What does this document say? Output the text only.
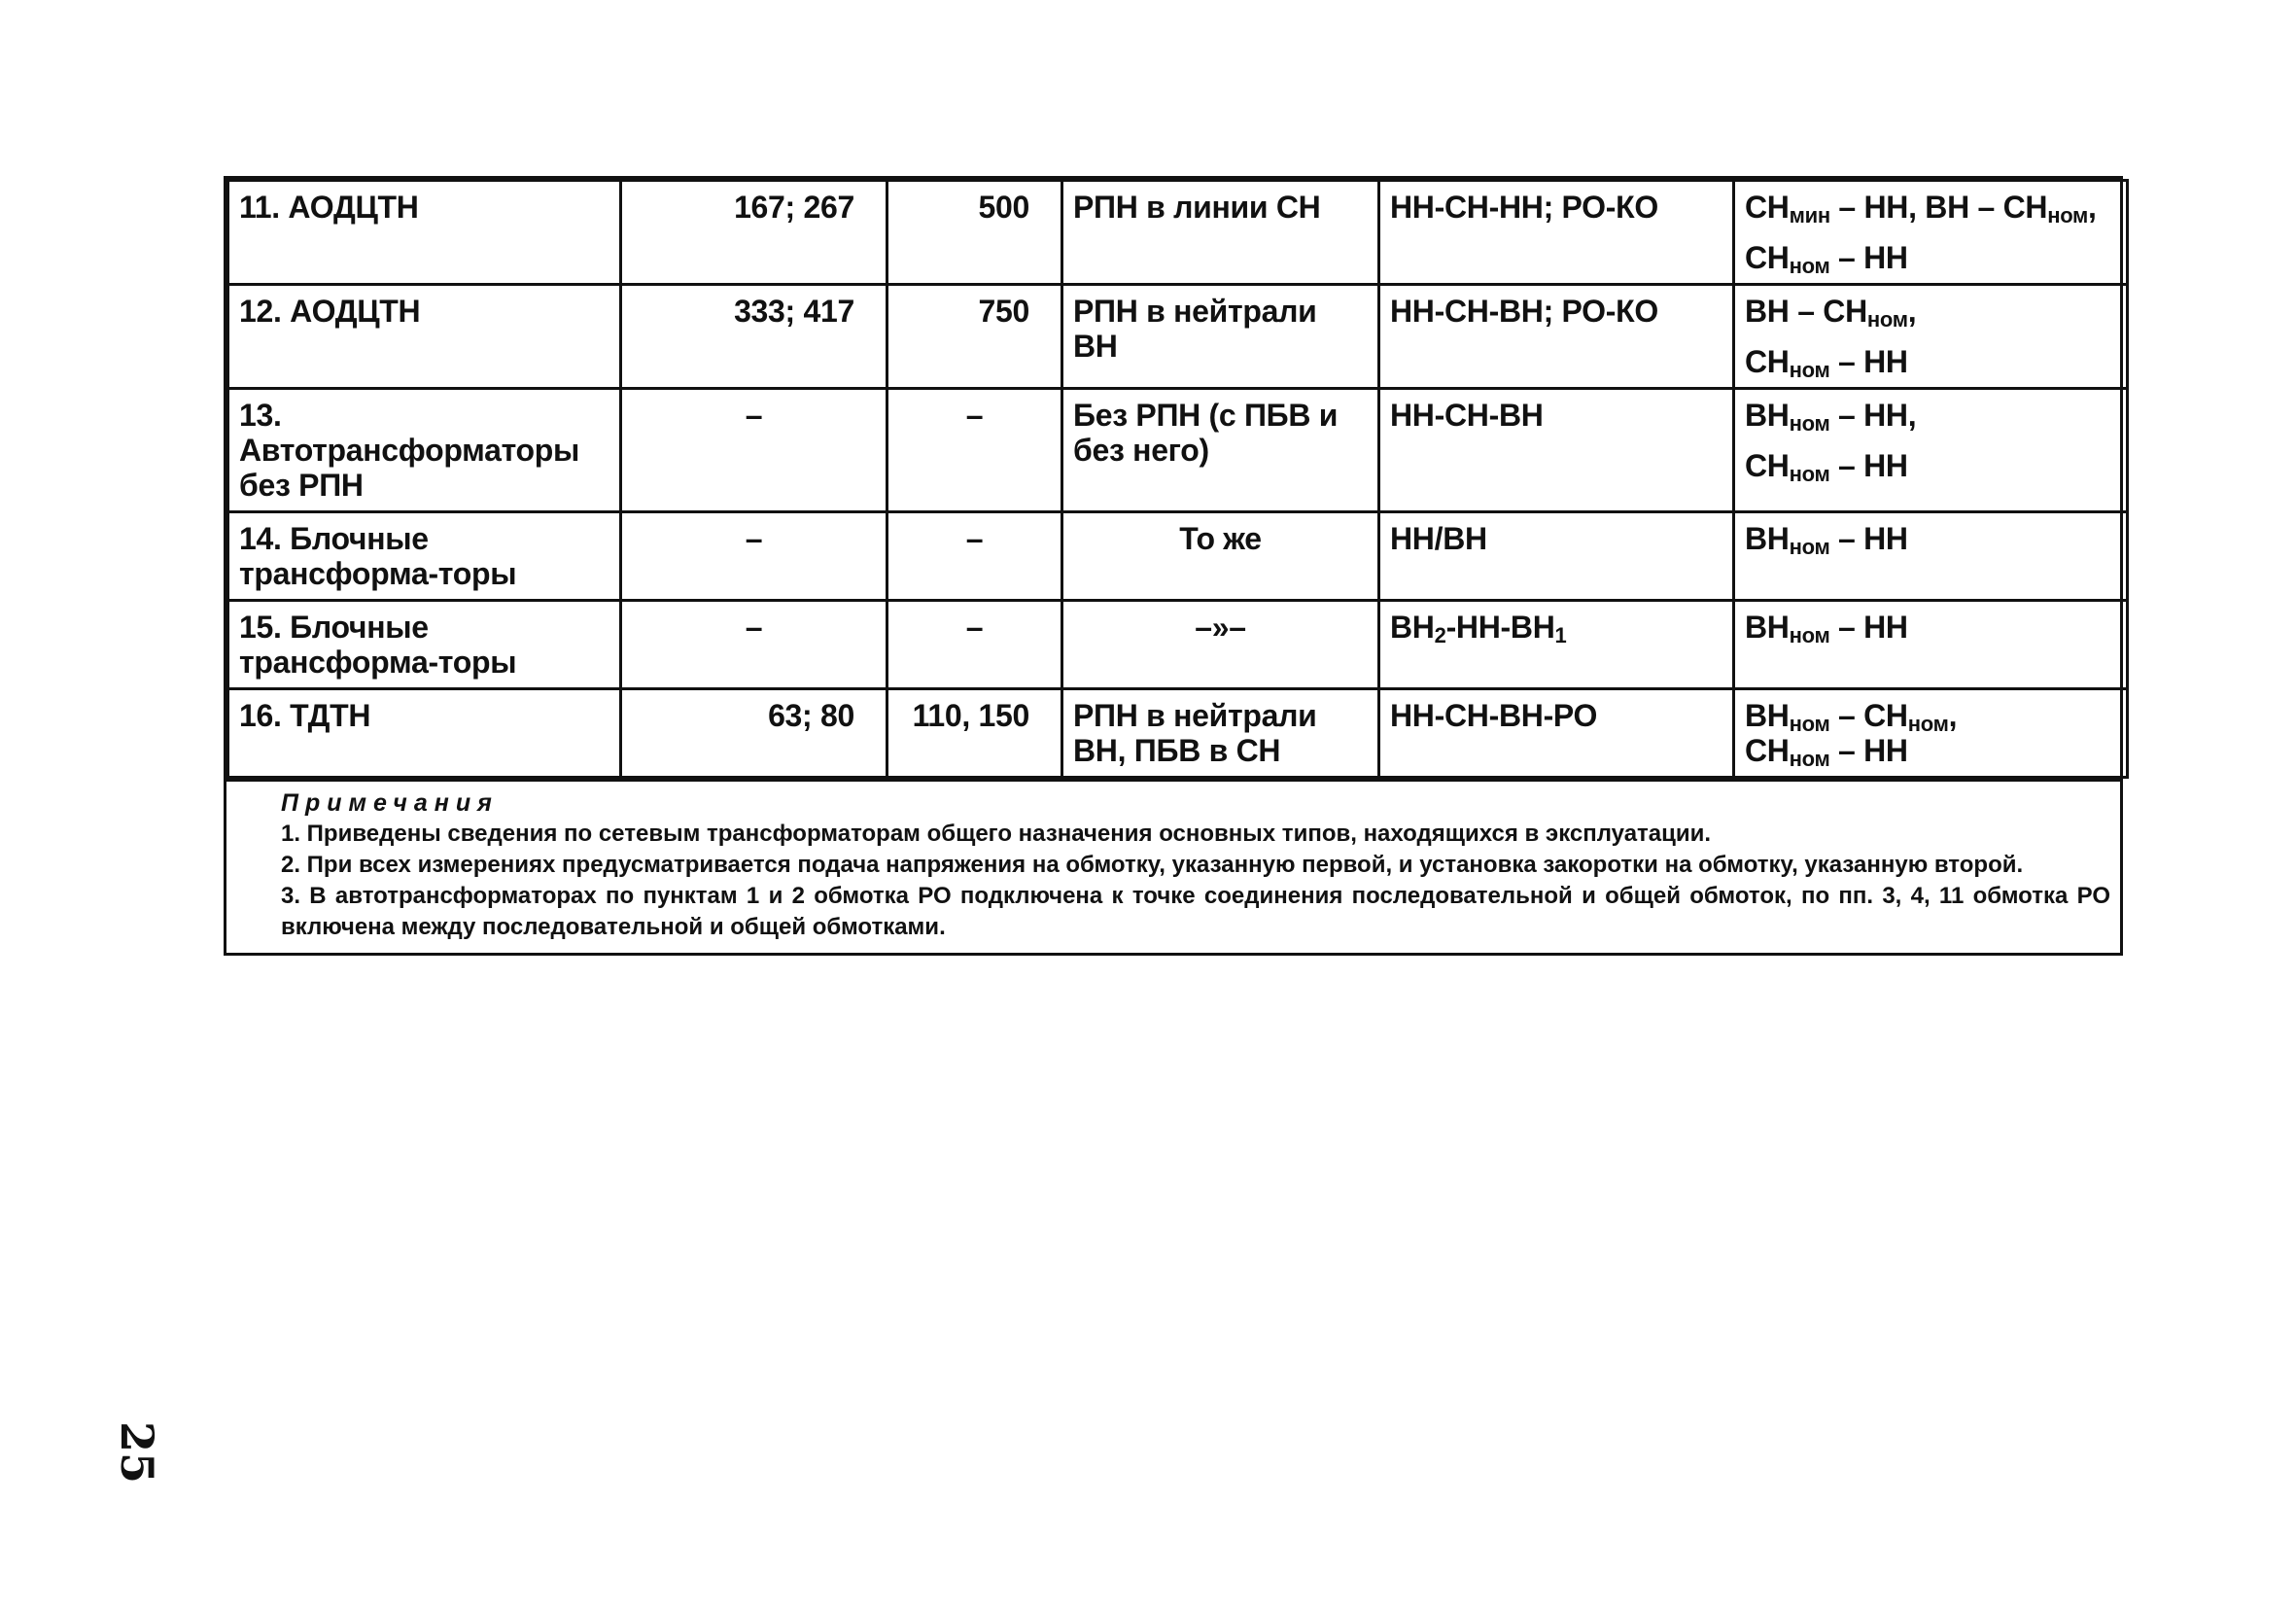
11. АОДЦТН	167; 267	500	РПН в линии СН	НН-СН-НН; РО-КО	$СН_{мин}$ – НН, ВН – $СН_{ном}$,
$СН_{ном}$ – НН

12. АОДЦТН	333; 417	750	РПН в нейтрали ВН	НН-СН-ВН; РО-КО	ВН – $СН_{ном}$,
$СН_{ном}$ – НН

13. Автотрансформаторы без РПН	–	–	Без РПН (с ПБВ и без него)	НН-СН-ВН	$ВН_{ном}$ – НН,
$СН_{ном}$ – НН

14. Блочные трансформа-торы	–	–	То же	НН/ВН	$ВН_{ном}$ – НН
15. Блочные трансформа-торы	–	–	–»–	$ВН_2-НН-ВН_1$	$ВН_{ном}$ – НН
16. ТДТН	63; 80	110, 150	РПН в нейтрали ВН, ПБВ в СН	НН-СН-ВН-РО	$ВН_{ном} - СН_{ном}$,
$СН_{ном}$ – НН
Примечания
1. Приведены сведения по сетевым трансформаторам общего назначения основных типов, находящихся в эксплуатации.
2. При всех измерениях предусматривается подача напряжения на обмотку, указанную первой, и установка закоротки на обмотку, указанную второй.
3. В автотрансформаторах по пунктам 1 и 2 обмотка РО подключена к точке соединения последовательной и общей обмоток, по пп. 3, 4, 11 обмотка РО включена между последовательной и общей обмотками.
25
